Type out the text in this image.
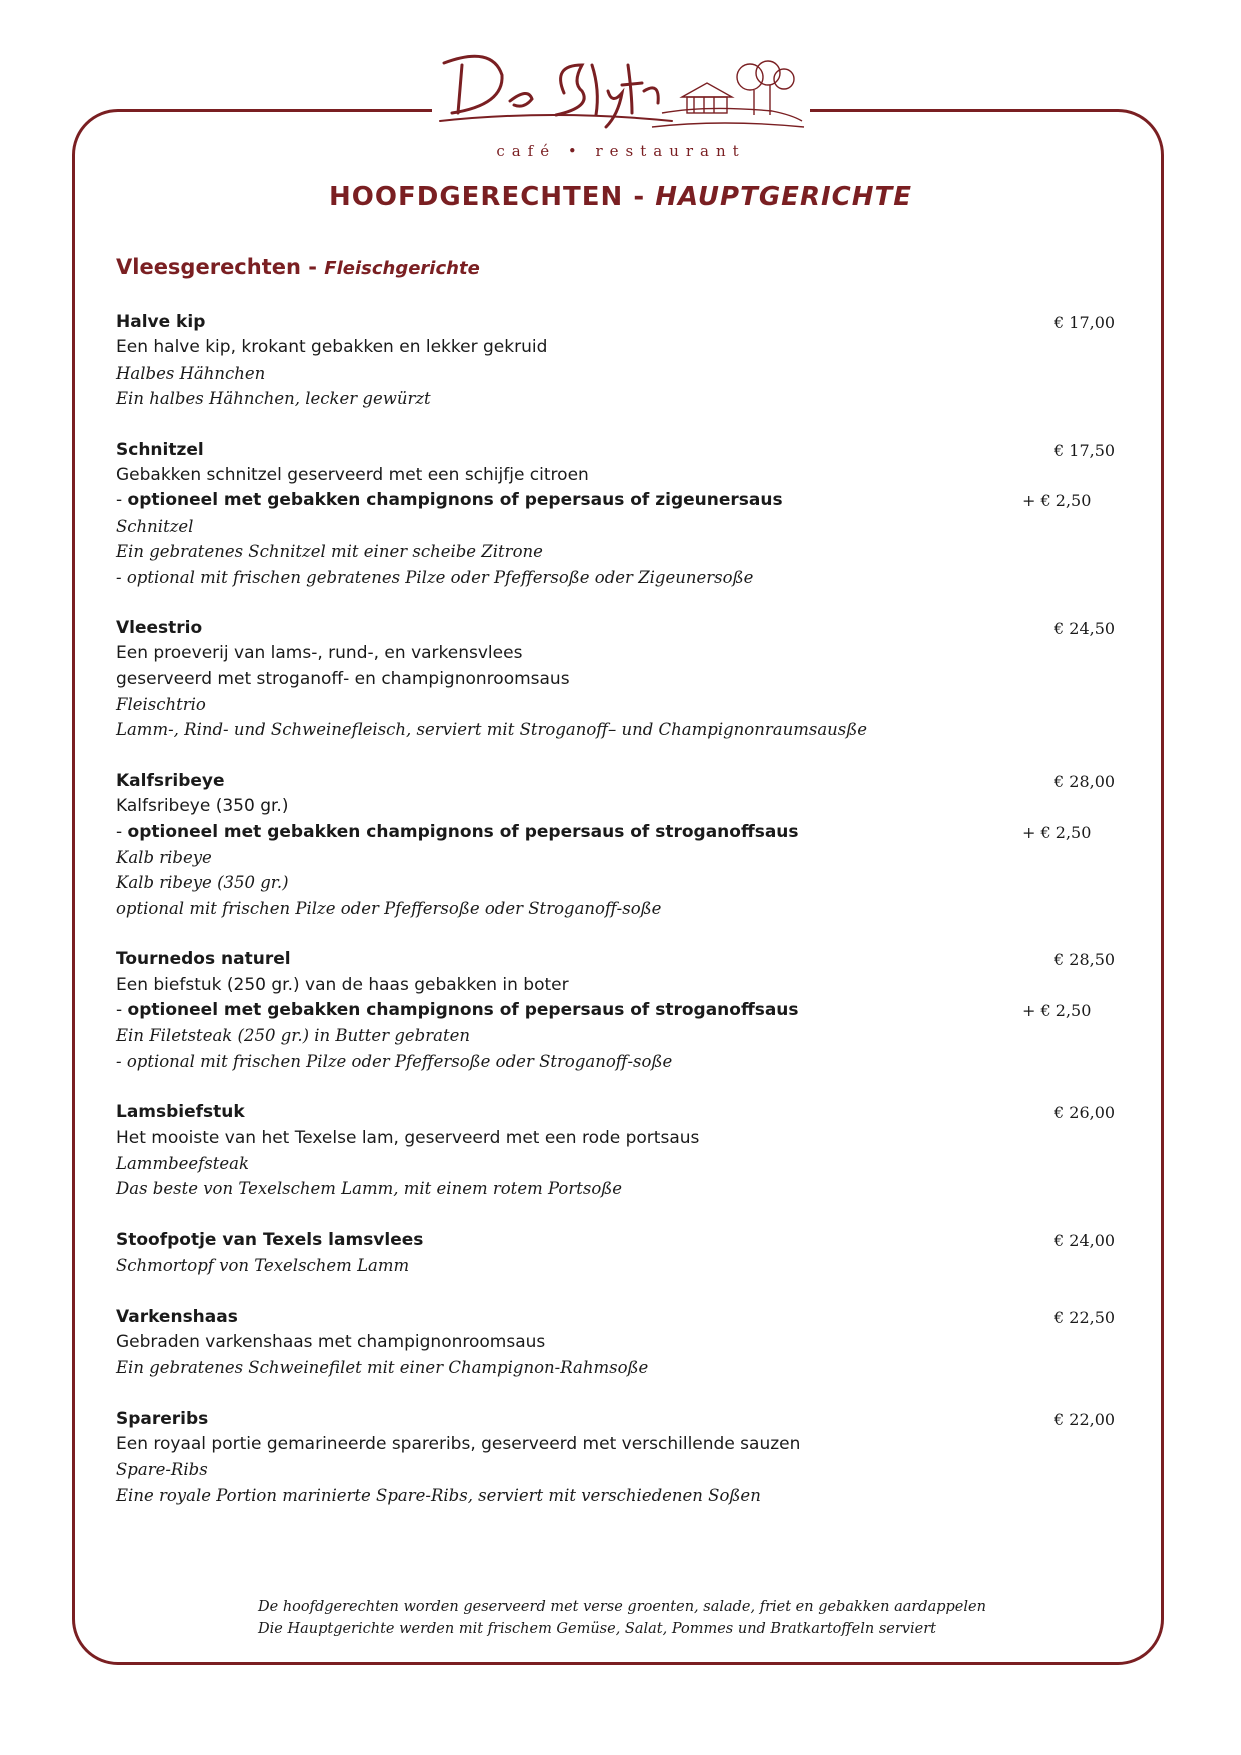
café • restaurant
HOOFDGERECHTEN - HAUPTGERICHTE
Vleesgerechten - Fleischgerichte
Halve kip	€ 17,00
Een halve kip, krokant gebakken en lekker gekruid
Halbes Hähnchen
Ein halbes Hähnchen, lecker gewürzt
Schnitzel	€ 17,50
Gebakken schnitzel geserveerd met een schijfje citroen
- optioneel met gebakken champignons of pepersaus of zigeunersaus	+ € 2,50
Schnitzel
Ein gebratenes Schnitzel mit einer scheibe Zitrone
- optional mit frischen gebratenes Pilze oder Pfeffersoße oder Zigeunersoße
Vleestrio	€ 24,50
Een proeverij van lams-, rund-, en varkensvlees
geserveerd met stroganoff- en champignonroomsaus
Fleischtrio
Lamm-, Rind- und Schweinefleisch, serviert mit Stroganoff– und Champignonraumsausße
Kalfsribeye	€ 28,00
Kalfsribeye (350 gr.)
- optioneel met gebakken champignons of pepersaus of stroganoffsaus	+ € 2,50
Kalb ribeye
Kalb ribeye (350 gr.)
optional mit frischen Pilze oder Pfeffersoße oder Stroganoff-soße
Tournedos naturel	€ 28,50
Een biefstuk (250 gr.) van de haas gebakken in boter
- optioneel met gebakken champignons of pepersaus of stroganoffsaus	+ € 2,50
Ein Filetsteak (250 gr.) in Butter gebraten
- optional mit frischen Pilze oder Pfeffersoße oder Stroganoff-soße
Lamsbiefstuk	€ 26,00
Het mooiste van het Texelse lam, geserveerd met een rode portsaus
Lammbeefsteak
Das beste von Texelschem Lamm, mit einem rotem Portsoße
Stoofpotje van Texels lamsvlees	€ 24,00
Schmortopf von Texelschem Lamm
Varkenshaas	€ 22,50
Gebraden varkenshaas met champignonroomsaus
Ein gebratenes Schweinefilet mit einer Champignon-Rahmsoße
Spareribs	€ 22,00
Een royaal portie gemarineerde spareribs, geserveerd met verschillende sauzen
Spare-Ribs
Eine royale Portion marinierte Spare-Ribs, serviert mit verschiedenen Soßen
De hoofdgerechten worden geserveerd met verse groenten, salade, friet en gebakken aardappelen
Die Hauptgerichte werden mit frischem Gemüse, Salat, Pommes und Bratkartoffeln serviert
